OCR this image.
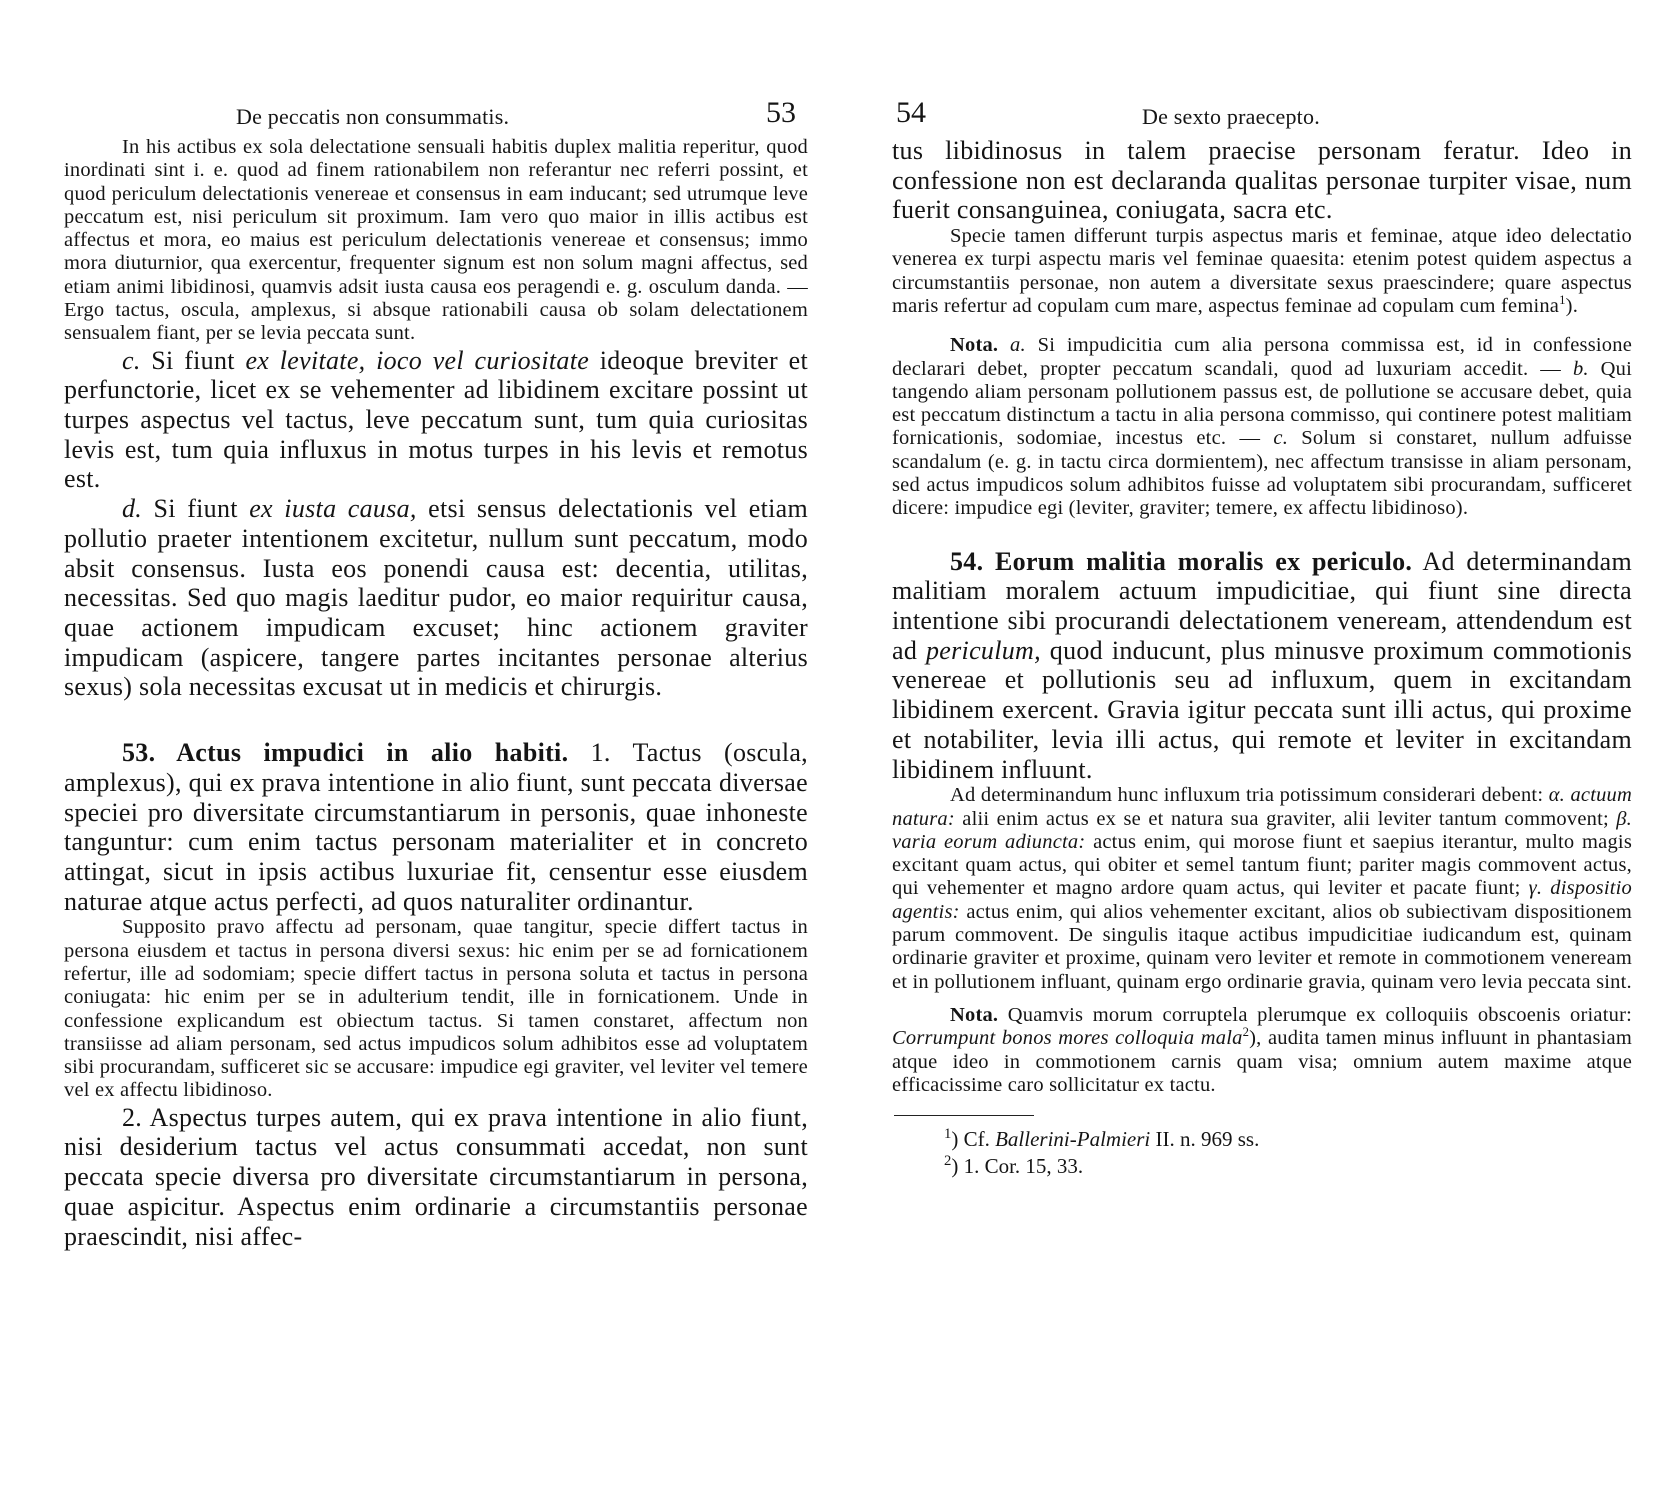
De peccatis non consummatis.	53

In his actibus ex sola delectatione sensuali habitis duplex malitia reperitur, quod inordinati sint i. e. quod ad finem rationabilem non referantur nec referri possint, et quod periculum delectationis venereae et consensus in eam inducant; sed utrumque leve peccatum est, nisi periculum sit proximum. Iam vero quo maior in illis actibus est affectus et mora, eo maius est periculum delectationis venereae et consensus; immo mora diuturnior, qua exercentur, frequenter signum est non solum magni affectus, sed etiam animi libidinosi, quamvis adsit iusta causa eos peragendi e. g. osculum danda. — Ergo tactus, oscula, amplexus, si absque rationabili causa ob solam delectationem sensualem fiant, per se levia peccata sunt.

c. Si fiunt ex levitate, ioco vel curiositate ideoque breviter et perfunctorie, licet ex se vehementer ad libidinem excitare possint ut turpes aspectus vel tactus, leve peccatum sunt, tum quia curiositas levis est, tum quia influxus in motus turpes in his levis et remotus est.

d. Si fiunt ex iusta causa, etsi sensus delectationis vel etiam pollutio praeter intentionem excitetur, nullum sunt peccatum, modo absit consensus. Iusta eos ponendi causa est: decentia, utilitas, necessitas. Sed quo magis laeditur pudor, eo maior requiritur causa, quae actionem impudicam excuset; hinc actionem graviter impudicam (aspicere, tangere partes incitantes personae alterius sexus) sola necessitas excusat ut in medicis et chirurgis.

53. Actus impudici in alio habiti. 1. Tactus (oscula, amplexus), qui ex prava intentione in alio fiunt, sunt peccata diversae speciei pro diversitate circumstantiarum in personis, quae inhoneste tanguntur: cum enim tactus personam materialiter et in concreto attingat, sicut in ipsis actibus luxuriae fit, censentur esse eiusdem naturae atque actus perfecti, ad quos naturaliter ordinantur.

Supposito pravo affectu ad personam, quae tangitur, specie differt tactus in persona eiusdem et tactus in persona diversi sexus: hic enim per se ad fornicationem refertur, ille ad sodomiam; specie differt tactus in persona soluta et tactus in persona coniugata: hic enim per se in adulterium tendit, ille in fornicationem. Unde in confessione explicandum est obiectum tactus. Si tamen constaret, affectum non transiisse ad aliam personam, sed actus impudicos solum adhibitos esse ad voluptatem sibi procurandam, sufficeret sic se accusare: impudice egi graviter, vel leviter vel temere vel ex affectu libidinoso.

2. Aspectus turpes autem, qui ex prava intentione in alio fiunt, nisi desiderium tactus vel actus consummati accedat, non sunt peccata specie diversa pro diversitate circumstantiarum in persona, quae aspicitur. Aspectus enim ordinarie a circumstantiis personae praescindit, nisi affec-

54	De sexto praecepto.

tus libidinosus in talem praecise personam feratur. Ideo in confessione non est declaranda qualitas personae turpiter visae, num fuerit consanguinea, coniugata, sacra etc.

Specie tamen differunt turpis aspectus maris et feminae, atque ideo delectatio venerea ex turpi aspectu maris vel feminae quaesita: etenim potest quidem aspectus a circumstantiis personae, non autem a diversitate sexus praescindere; quare aspectus maris refertur ad copulam cum mare, aspectus feminae ad copulam cum femina$^1$).

Nota. a. Si impudicitia cum alia persona commissa est, id in confessione declarari debet, propter peccatum scandali, quod ad luxuriam accedit. — b. Qui tangendo aliam personam pollutionem passus est, de pollutione se accusare debet, quia est peccatum distinctum a tactu in alia persona commisso, qui continere potest malitiam fornicationis, sodomiae, incestus etc. — c. Solum si constaret, nullum adfuisse scandalum (e. g. in tactu circa dormientem), nec affectum transisse in aliam personam, sed actus impudicos solum adhibitos fuisse ad voluptatem sibi procurandam, sufficeret dicere: impudice egi (leviter, graviter; temere, ex affectu libidinoso).

54. Eorum malitia moralis ex periculo. Ad determinandam malitiam moralem actuum impudicitiae, qui fiunt sine directa intentione sibi procurandi delectationem veneream, attendendum est ad periculum, quod inducunt, plus minusve proximum commotionis venereae et pollutionis seu ad influxum, quem in excitandam libidinem exercent. Gravia igitur peccata sunt illi actus, qui proxime et notabiliter, levia illi actus, qui remote et leviter in excitandam libidinem influunt.

Ad determinandum hunc influxum tria potissimum considerari debent: α. actuum natura: alii enim actus ex se et natura sua graviter, alii leviter tantum commovent; β. varia eorum adiuncta: actus enim, qui morose fiunt et saepius iterantur, multo magis excitant quam actus, qui obiter et semel tantum fiunt; pariter magis commovent actus, qui vehementer et magno ardore quam actus, qui leviter et pacate fiunt; γ. dispositio agentis: actus enim, qui alios vehementer excitant, alios ob subiectivam dispositionem parum commovent. De singulis itaque actibus impudicitiae iudicandum est, quinam ordinarie graviter et proxime, quinam vero leviter et remote in commotionem veneream et in pollutionem influant, quinam ergo ordinarie gravia, quinam vero levia peccata sint.

Nota. Quamvis morum corruptela plerumque ex colloquiis obscoenis oriatur: Corrumpunt bonos mores colloquia mala$^2$), audita tamen minus influunt in phantasiam atque ideo in commotionem carnis quam visa; omnium autem maxime atque efficacissime caro sollicitatur ex tactu.

$^1$) Cf. Ballerini-Palmieri II. n. 969 ss.
$^2$) 1. Cor. 15, 33.
